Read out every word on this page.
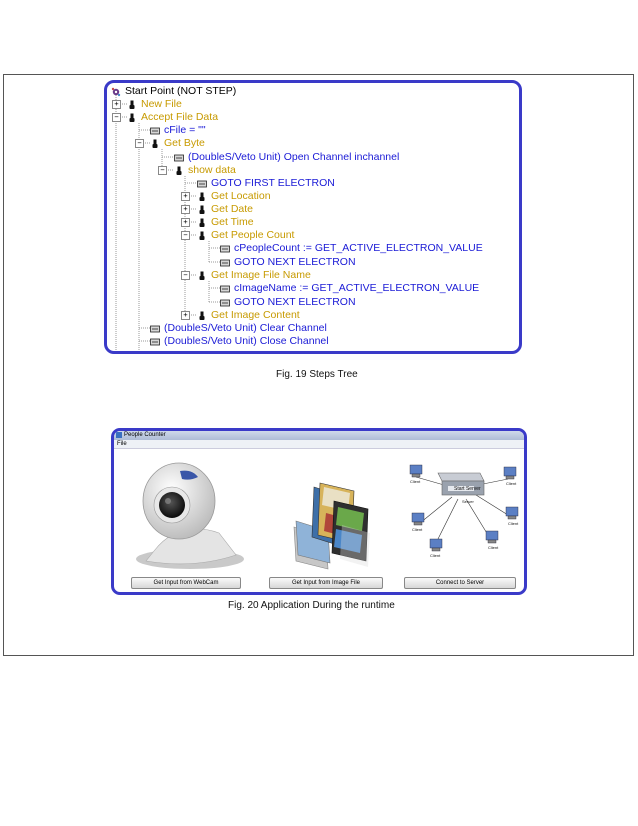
+
−
−
−
+
+
+
−
−
+
Start Point (NOT STEP)
New File
Accept File Data
cFile = ""
Get Byte
(DoubleS/Veto Unit) Open Channel inchannel
show data
GOTO FIRST ELECTRON
Get Location
Get Date
Get Time
Get People Count
cPeopleCount := GET_ACTIVE_ELECTRON_VALUE
GOTO NEXT ELECTRON
Get Image File Name
cImageName := GET_ACTIVE_ELECTRON_VALUE
GOTO NEXT ELECTRON
Get Image Content
(DoubleS/Veto Unit) Clear Channel
(DoubleS/Veto Unit) Close Channel
Fig. 19 Steps Tree
People Counter
File
Get Input from WebCam	Get Input from Image File
Start Server
Server
Client	Client
Client
Client
Client
Client
Connect to Server
Fig. 20 Application During the runtime
